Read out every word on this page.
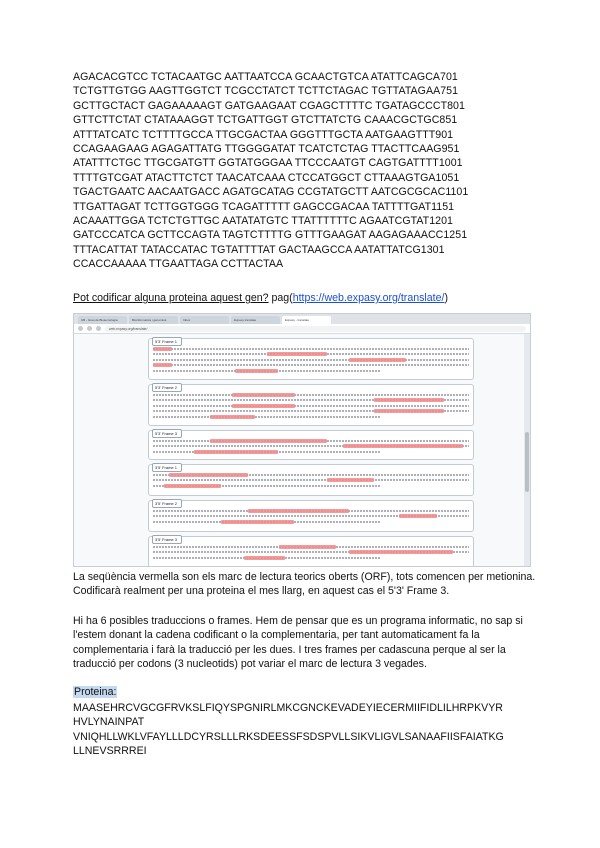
AGACACGTCC TCTACAATGC AATTAATCCA GCAACTGTCA ATATTCAGCA701
TCTGTTGTGG AAGTTGGTCT TCGCCTATCT TCTTCTAGAC TGTTATAGAA751
GCTTGCTACT GAGAAAAAGT GATGAAGAAT CGAGCTTTTC TGATAGCCCT801
GTTCTTCTAT CTATAAAGGT TCTGATTGGT GTCTTATCTG CAAACGCTGC851
ATTTATCATC TCTTTTGCCA TTGCGACTAA GGGTTTGCTA AATGAAGTTT901
CCAGAAGAAG AGAGATTATG TTGGGGATAT TCATCTCTAG TTACTTCAAG951
ATATTTCTGC TTGCGATGTT GGTATGGGAA TTCCCAATGT CAGTGATTTT1001
TTTTGTCGAT ATACTTCTCT TAACATCAAA CTCCATGGCT CTTAAAGTGA1051
TGACTGAATC AACAATGACC AGATGCATAG CCGTATGCTT AATCGCGCAC1101
TTGATTAGAT TCTTGGTGGG TCAGATTTTT GAGCCGACAA TATTTTGAT1151
ACAAATTGGA TCTCTGTTGC AATATATGTC TTATTTTTTC AGAATCGTAT1201
GATCCCATCA GCTTCCAGTA TAGTCTTTTG GTTTGAAGAT AAGAGAAACC1251
TTTACATTAT TATACCATAC TGTATTTTAT GACTAAGCCA AATATTATCG1301
CCACCAAAAA TTGAATTAGA CCTTACTAA
Pot codificar alguna proteina aquest gen? pag(https://web.expasy.org/translate/)
UB - Grau de Biotecnologia	Bioinformatica i genomica	Inbox	Expasy translate	Expasy - translate
web.expasy.org/translate/
5'3' Frame 1
5'3' Frame 2
5'3' Frame 3
3'5' Frame 1
3'5' Frame 2
3'5' Frame 3
La seqüència vermella son els marc de lectura teorics oberts (ORF), tots comencen per metionina. Codificarà realment per una proteina el mes llarg, en aquest cas el 5'3' Frame 3.
Hi ha 6 posibles traduccions o frames. Hem de pensar que es un programa informatic, no sap si l'estem donant la cadena codificant o la complementaria, per tant automaticament fa la complementaria i farà la traducció per les dues. I tres frames per cadascuna perque al ser la traducció per codons (3 nucleotids) pot variar el marc de lectura 3 vegades.
Proteina:
MAASEHRCVGCGFRVKSLFIQYSPGNIRLMKCGNCKEVADEYIECERMIIFIDLILHRPKVYR
HVLYNAINPAT
VNIQHLLWKLVFAYLLLDCYRSLLLRKSDEESSFSDSPVLLSIKVLIGVLSANAAFIISFAIATKG
LLNEVSRRREI
